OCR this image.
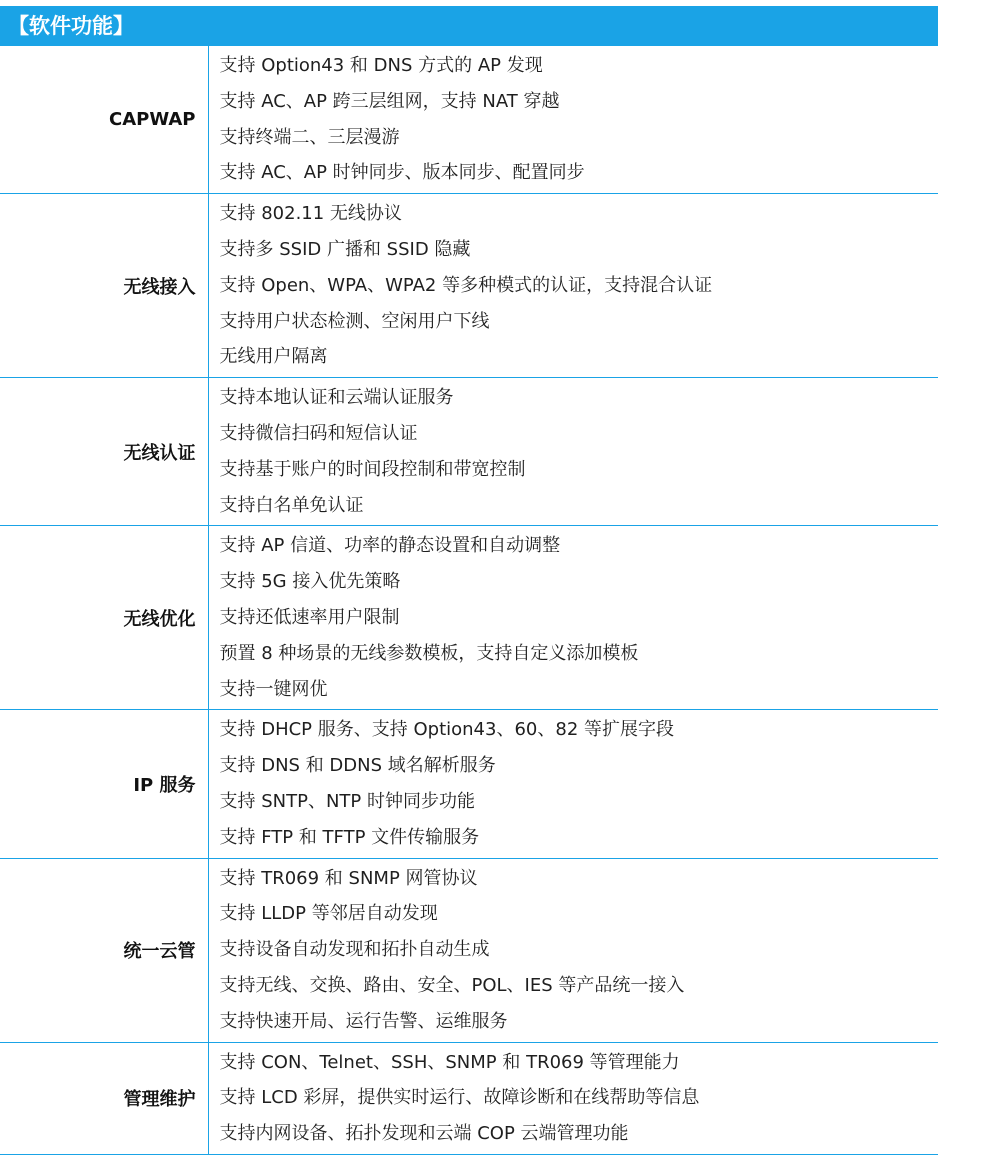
【软件功能】
CAPWAP	支持 Option43 和 DNS 方式的 AP 发现
支持 AC、AP 跨三层组网，支持 NAT 穿越
支持终端二、三层漫游
支持 AC、AP 时钟同步、版本同步、配置同步

无线接入	支持 802.11 无线协议
支持多 SSID 广播和 SSID 隐藏
支持 Open、WPA、WPA2 等多种模式的认证，支持混合认证
支持用户状态检测、空闲用户下线
无线用户隔离

无线认证	支持本地认证和云端认证服务
支持微信扫码和短信认证
支持基于账户的时间段控制和带宽控制
支持白名单免认证

无线优化	支持 AP 信道、功率的静态设置和自动调整
支持 5G 接入优先策略
支持还低速率用户限制
预置 8 种场景的无线参数模板，支持自定义添加模板
支持一键网优

IP 服务	支持 DHCP 服务、支持 Option43、60、82 等扩展字段
支持 DNS 和 DDNS 域名解析服务
支持 SNTP、NTP 时钟同步功能
支持 FTP 和 TFTP 文件传输服务

统一云管	支持 TR069 和 SNMP 网管协议
支持 LLDP 等邻居自动发现
支持设备自动发现和拓扑自动生成
支持无线、交换、路由、安全、POL、IES 等产品统一接入
支持快速开局、运行告警、运维服务

管理维护	支持 CON、Telnet、SSH、SNMP 和 TR069 等管理能力
支持 LCD 彩屏，提供实时运行、故障诊断和在线帮助等信息
支持内网设备、拓扑发现和云端 COP 云端管理功能
